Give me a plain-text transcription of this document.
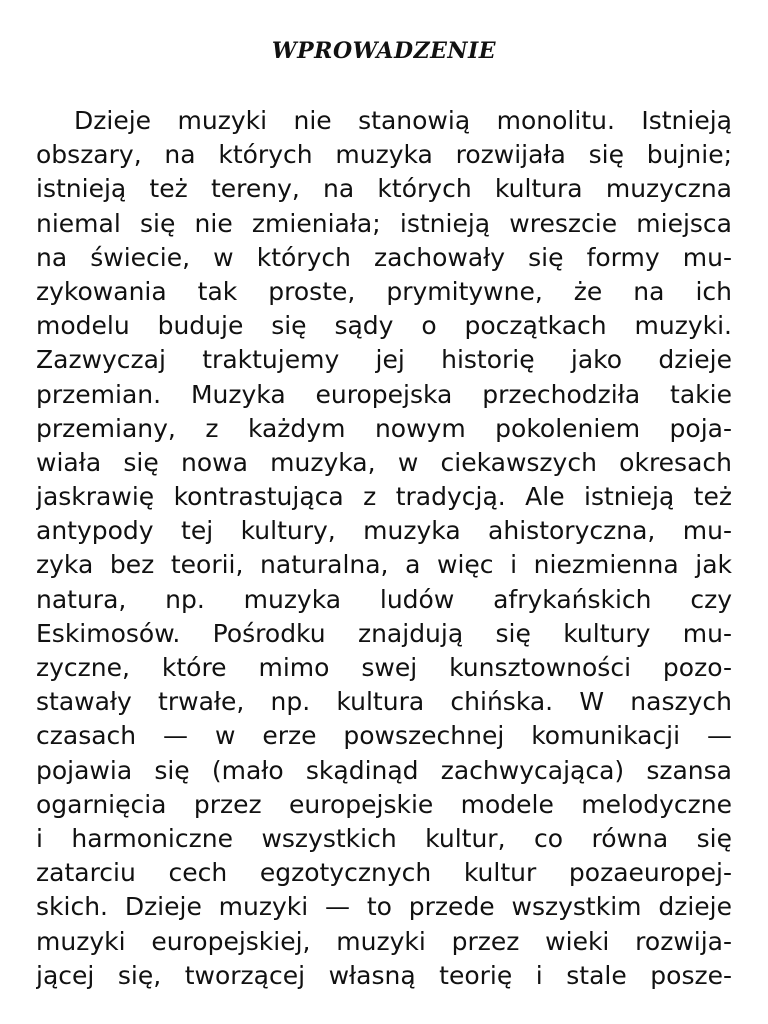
WPROWADZENIE
Dzieje muzyki nie stanowią monolitu. Istnieją
obszary, na których muzyka rozwijała się bujnie;
istnieją też tereny, na których kultura muzyczna
niemal się nie zmieniała; istnieją wreszcie miejsca
na świecie, w których zachowały się formy mu-
zykowania tak proste, prymitywne, że na ich
modelu buduje się sądy o początkach muzyki.
Zazwyczaj traktujemy jej historię jako dzieje
przemian. Muzyka europejska przechodziła takie
przemiany, z każdym nowym pokoleniem poja-
wiała się nowa muzyka, w ciekawszych okresach
jaskrawię kontrastująca z tradycją. Ale istnieją też
antypody tej kultury, muzyka ahistoryczna, mu-
zyka bez teorii, naturalna, a więc i niezmienna jak
natura, np. muzyka ludów afrykańskich czy
Eskimosów. Pośrodku znajdują się kultury mu-
zyczne, które mimo swej kunsztowności pozo-
stawały trwałe, np. kultura chińska. W naszych
czasach — w erze powszechnej komunikacji —
pojawia się (mało skądinąd zachwycająca) szansa
ogarnięcia przez europejskie modele melodyczne
i harmoniczne wszystkich kultur, co równa się
zatarciu cech egzotycznych kultur pozaeuropej-
skich. Dzieje muzyki — to przede wszystkim dzieje
muzyki europejskiej, muzyki przez wieki rozwija-
jącej się, tworzącej własną teorię i stale posze-
